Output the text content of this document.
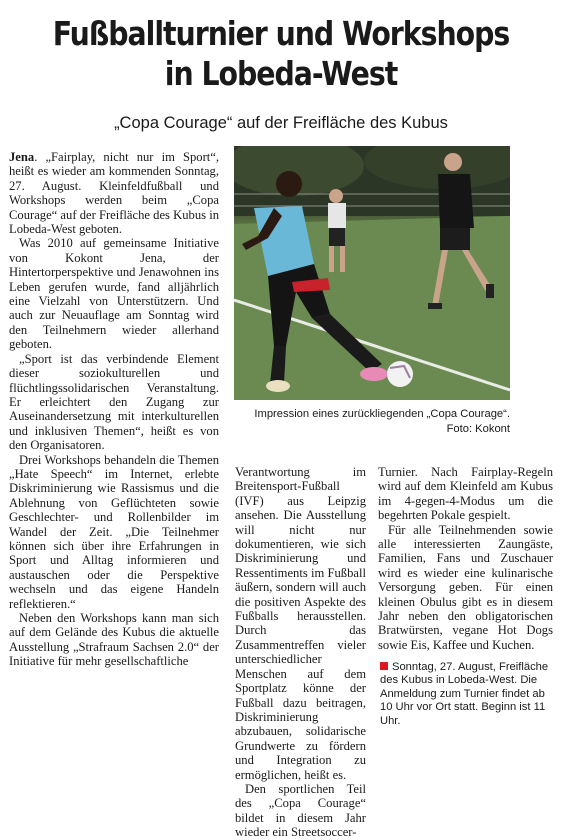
Fußballturnier und Workshops
in Lobeda-West
„Copa Courage“ auf der Freifläche des Kubus

Jena. „Fairplay, nicht nur im Sport“, heißt es wieder am kommenden Sonntag, 27. August. Kleinfeldfußball und Workshops werden beim „Copa Courage“ auf der Freifläche des Kubus in Lobeda-West geboten.

Was 2010 auf gemeinsame Initiative von Kokont Jena, der Hintertorperspektive und Jenawohnen ins Leben gerufen wurde, fand alljährlich eine Vielzahl von Unterstützern. Und auch zur Neuauflage am Sonntag wird den Teilnehmern wieder allerhand geboten.

„Sport ist das verbindende Element dieser soziokulturellen und flüchtlingssolidarischen Veranstaltung. Er erleichtert den Zugang zur Auseinandersetzung mit interkulturellen und inklusiven Themen“, heißt es von den Organisatoren.

Drei Workshops behandeln die Themen „Hate Speech“ im Internet, erlebte Diskriminierung wie Rassismus und die Ablehnung von Geflüchteten sowie Geschlechter- und Rollenbilder im Wandel der Zeit. „Die Teilnehmer können sich über ihre Erfahrungen in Sport und Alltag informieren und austauschen oder die Perspektive wechseln und das eigene Handeln reflektieren.“

Neben den Workshops kann man sich auf dem Gelände des Kubus die aktuelle Ausstellung „Strafraum Sachsen 2.0“ der Initiative für mehr gesellschaftliche

Impression eines zurückliegenden „Copa Courage“.
Foto: Kokont

Verantwortung im Breitensport-Fußball (IVF) aus Leipzig ansehen. Die Ausstellung will nicht nur dokumentieren, wie sich Diskriminierung und Ressentiments im Fußball äußern, sondern will auch die positiven Aspekte des Fußballs herausstellen. Durch das Zusammentreffen vieler unterschiedlicher Menschen auf dem Sportplatz könne der Fußball dazu beitragen, Diskriminierung abzubauen, solidarische Grundwerte zu fördern und Integration zu ermöglichen, heißt es.

Den sportlichen Teil des „Copa Courage“ bildet in diesem Jahr wieder ein Streetsoccer-

Turnier. Nach Fairplay-Regeln wird auf dem Kleinfeld am Kubus im 4-gegen-4-Modus um die begehrten Pokale gespielt.

Für alle Teilnehmenden sowie alle interessierten Zaungäste, Familien, Fans und Zuschauer wird es wieder eine kulinarische Versorgung geben. Für einen kleinen Obulus gibt es in diesem Jahr neben den obligatorischen Bratwürsten, vegane Hot Dogs sowie Eis, Kaffee und Kuchen.

Sonntag, 27. August, Freifläche des Kubus in Lobeda-West. Die Anmeldung zum Turnier findet ab 10 Uhr vor Ort statt. Beginn ist 11 Uhr.
